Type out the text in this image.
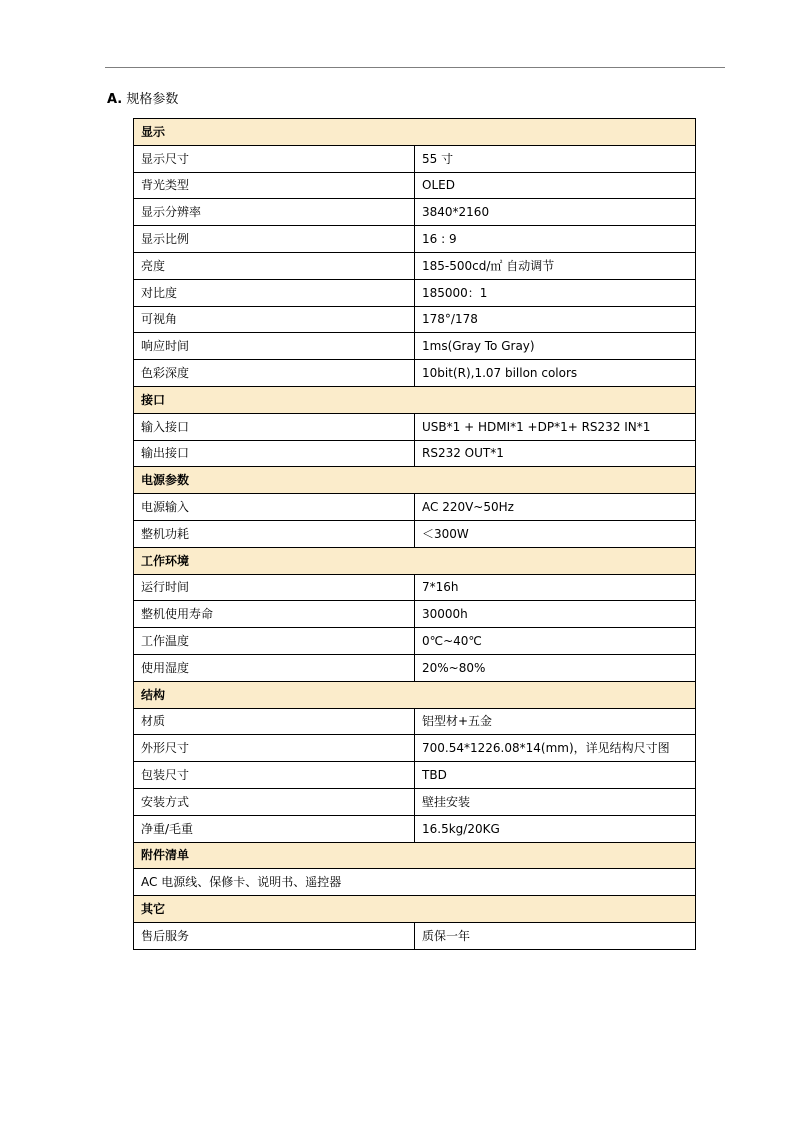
A. 规格参数
显示	
显示尺寸	55 寸
背光类型	OLED
显示分辨率	3840*2160
显示比例	16 : 9
亮度	185-500cd/㎡ 自动调节
对比度	185000：1
可视角	178°/178
响应时间	1ms(Gray To Gray)
色彩深度	10bit(R),1.07 billon colors
接口	
输入接口	USB*1 + HDMI*1 +DP*1+ RS232 IN*1
输出接口	RS232 OUT*1
电源参数	
电源输入	AC 220V~50Hz
整机功耗	＜300W
工作环境	
运行时间	7*16h
整机使用寿命	30000h
工作温度	0℃~40℃
使用湿度	20%~80%
结构	
材质	铝型材+五金
外形尺寸	700.54*1226.08*14(mm)，详见结构尺寸图
包装尺寸	TBD
安装方式	壁挂安装
净重/毛重	16.5kg/20KG
附件清单	
AC 电源线、保修卡、说明书、遥控器	
其它	
售后服务	质保一年
